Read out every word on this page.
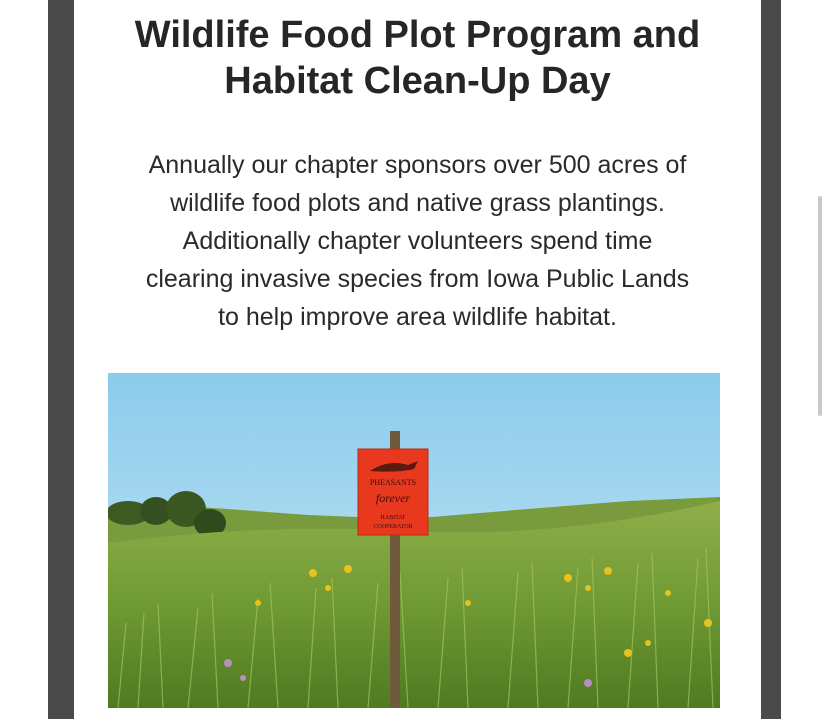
Wildlife Food Plot Program and
Habitat Clean-Up Day

Annually our chapter sponsors over 500 acres of
wildlife food plots and native grass plantings.
Additionally chapter volunteers spend time
clearing invasive species from Iowa Public Lands
to help improve area wildlife habitat.

PHEASANTS
forever
HABITAT
COOPERATOR
